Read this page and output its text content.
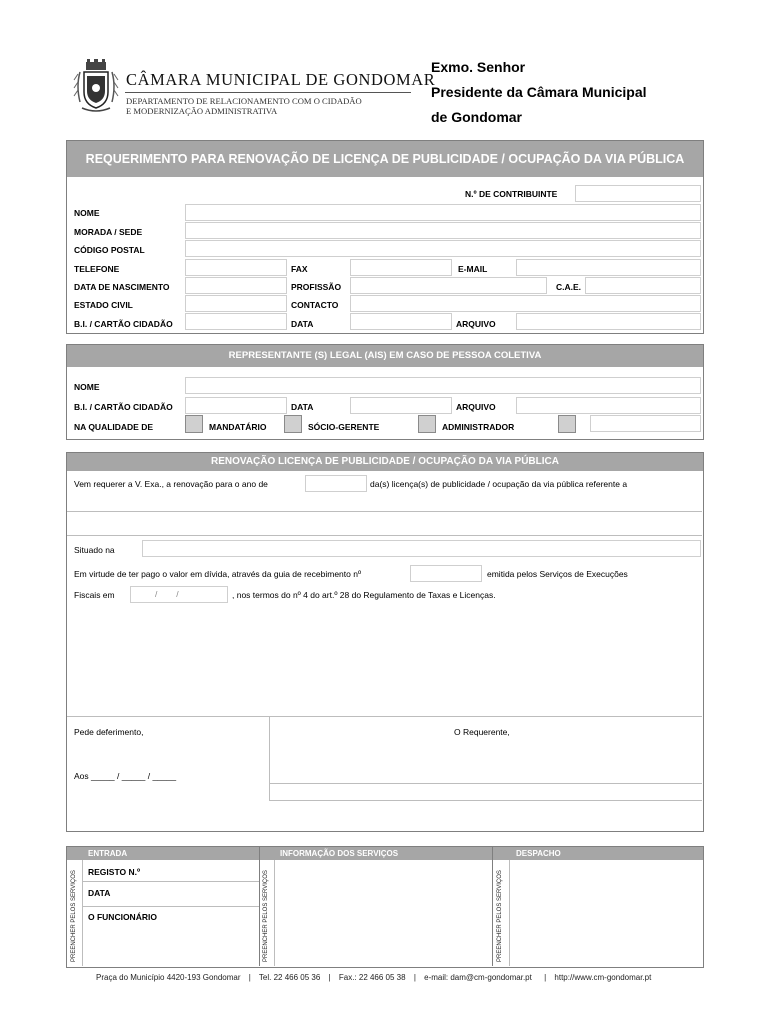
CÂMARA MUNICIPAL DE GONDOMAR
DEPARTAMENTO DE RELACIONAMENTO COM O CIDADÃO
E MODERNIZAÇÃO ADMINISTRATIVA
Exmo. Senhor
Presidente da Câmara Municipal
de Gondomar
REQUERIMENTO PARA RENOVAÇÃO DE LICENÇA DE PUBLICIDADE / OCUPAÇÃO DA VIA PÚBLICA
N.º DE CONTRIBUINTE
NOME
MORADA / SEDE
CÓDIGO POSTAL
TELEFONE	FAX	E-MAIL
DATA DE NASCIMENTO	PROFISSÃO	C.A.E.
ESTADO CIVIL	CONTACTO
B.I. / CARTÃO CIDADÃO	DATA	ARQUIVO
REPRESENTANTE (S) LEGAL (AIS) EM CASO DE PESSOA COLETIVA
NOME
B.I. / CARTÃO CIDADÃO	DATA	ARQUIVO
NA QUALIDADE DE	MANDATÁRIO	SÓCIO-GERENTE	ADMINISTRADOR
RENOVAÇÃO LICENÇA DE PUBLICIDADE / OCUPAÇÃO DA VIA PÚBLICA
Vem requerer a V. Exa., a renovação para o ano de	da(s) licença(s) de publicidade / ocupação da via pública referente a
Situado na
Em virtude de ter pago o valor em dívida, através da guia de recebimento nº	emitida pelos Serviços de Execuções
Fiscais em	/        /	, nos termos do nº 4 do art.º 28 do Regulamento de Taxas e Licenças.
Pede deferimento,	O Requerente,
Aos _____ / _____ / _____
ENTRADA	INFORMAÇÃO DOS SERVIÇOS	DESPACHO
PREENCHER PELOS SERVIÇOS	PREENCHER PELOS SERVIÇOS	PREENCHER PELOS SERVIÇOS
REGISTO N.º
DATA
O FUNCIONÁRIO
Praça do Município 4420-193 Gondomar | Tel. 22 466 05 36 | Fax.: 22 466 05 38 | e-mail: dam@cm-gondomar.pt | http://www.cm-gondomar.pt
